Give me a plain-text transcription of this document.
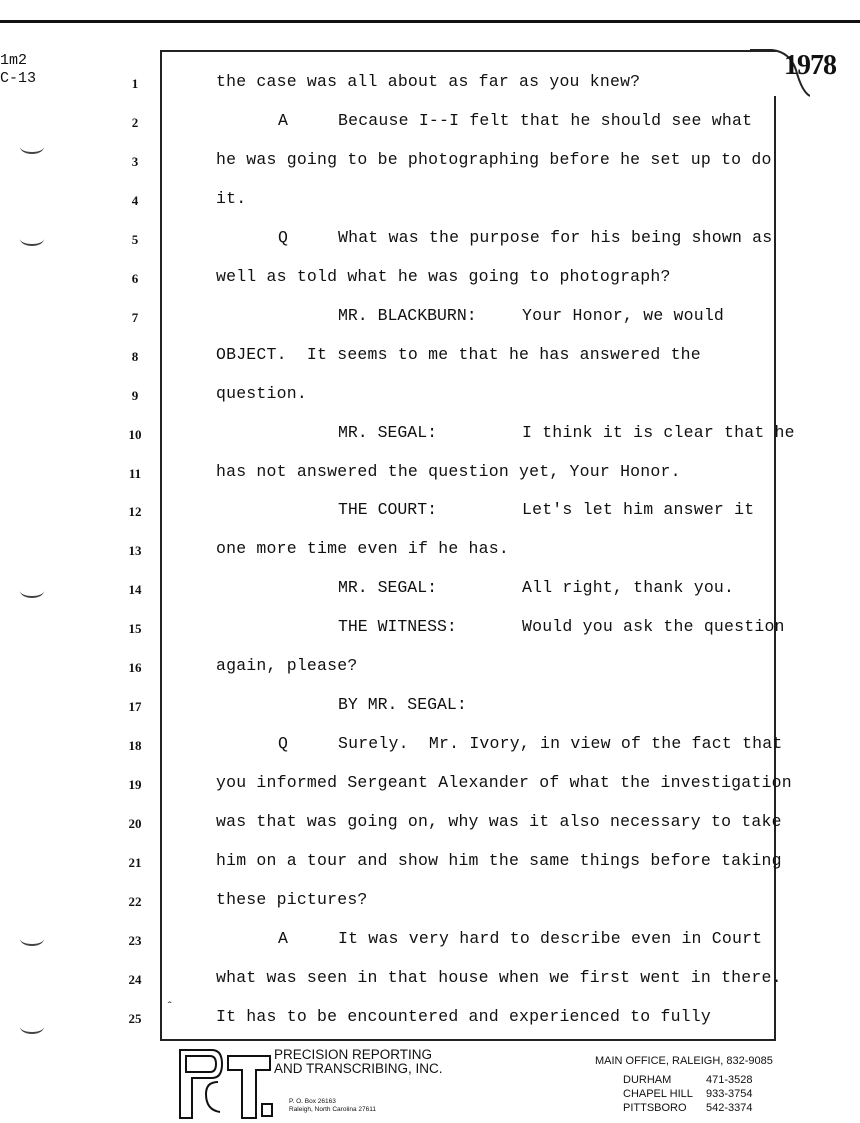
1m2
C-13	1978
1	the case was all about as far as you knew?
2	A	Because I--I felt that he should see what
3	he was going to be photographing before he set up to do
4	it.
5	Q	What was the purpose for his being shown as
6	well as told what he was going to photograph?
7	MR. BLACKBURN:	Your Honor, we would
8	OBJECT.  It seems to me that he has answered the
9	question.
10	MR. SEGAL:	I think it is clear that he
11	has not answered the question yet, Your Honor.
12	THE COURT:	Let's let him answer it
13	one more time even if he has.
14	MR. SEGAL:	All right, thank you.
15	THE WITNESS:	Would you ask the question
16	again, please?
17	BY MR. SEGAL:
18	Q	Surely.  Mr. Ivory, in view of the fact that
19	you informed Sergeant Alexander of what the investigation
20	was that was going on, why was it also necessary to take
21	him on a tour and show him the same things before taking
22	these pictures?
23	A	It was very hard to describe even in Court
24	what was seen in that house when we first went in there.
25	It has to be encountered and experienced to fully
ˆ
PRECISION REPORTING
AND TRANSCRIBING, INC.
P. O. Box 26163
Raleigh, North Carolina 27611
MAIN OFFICE, RALEIGH, 832-9085
DURHAM	471-3528
CHAPEL HILL 933-3754
PITTSBORO 542-3374
